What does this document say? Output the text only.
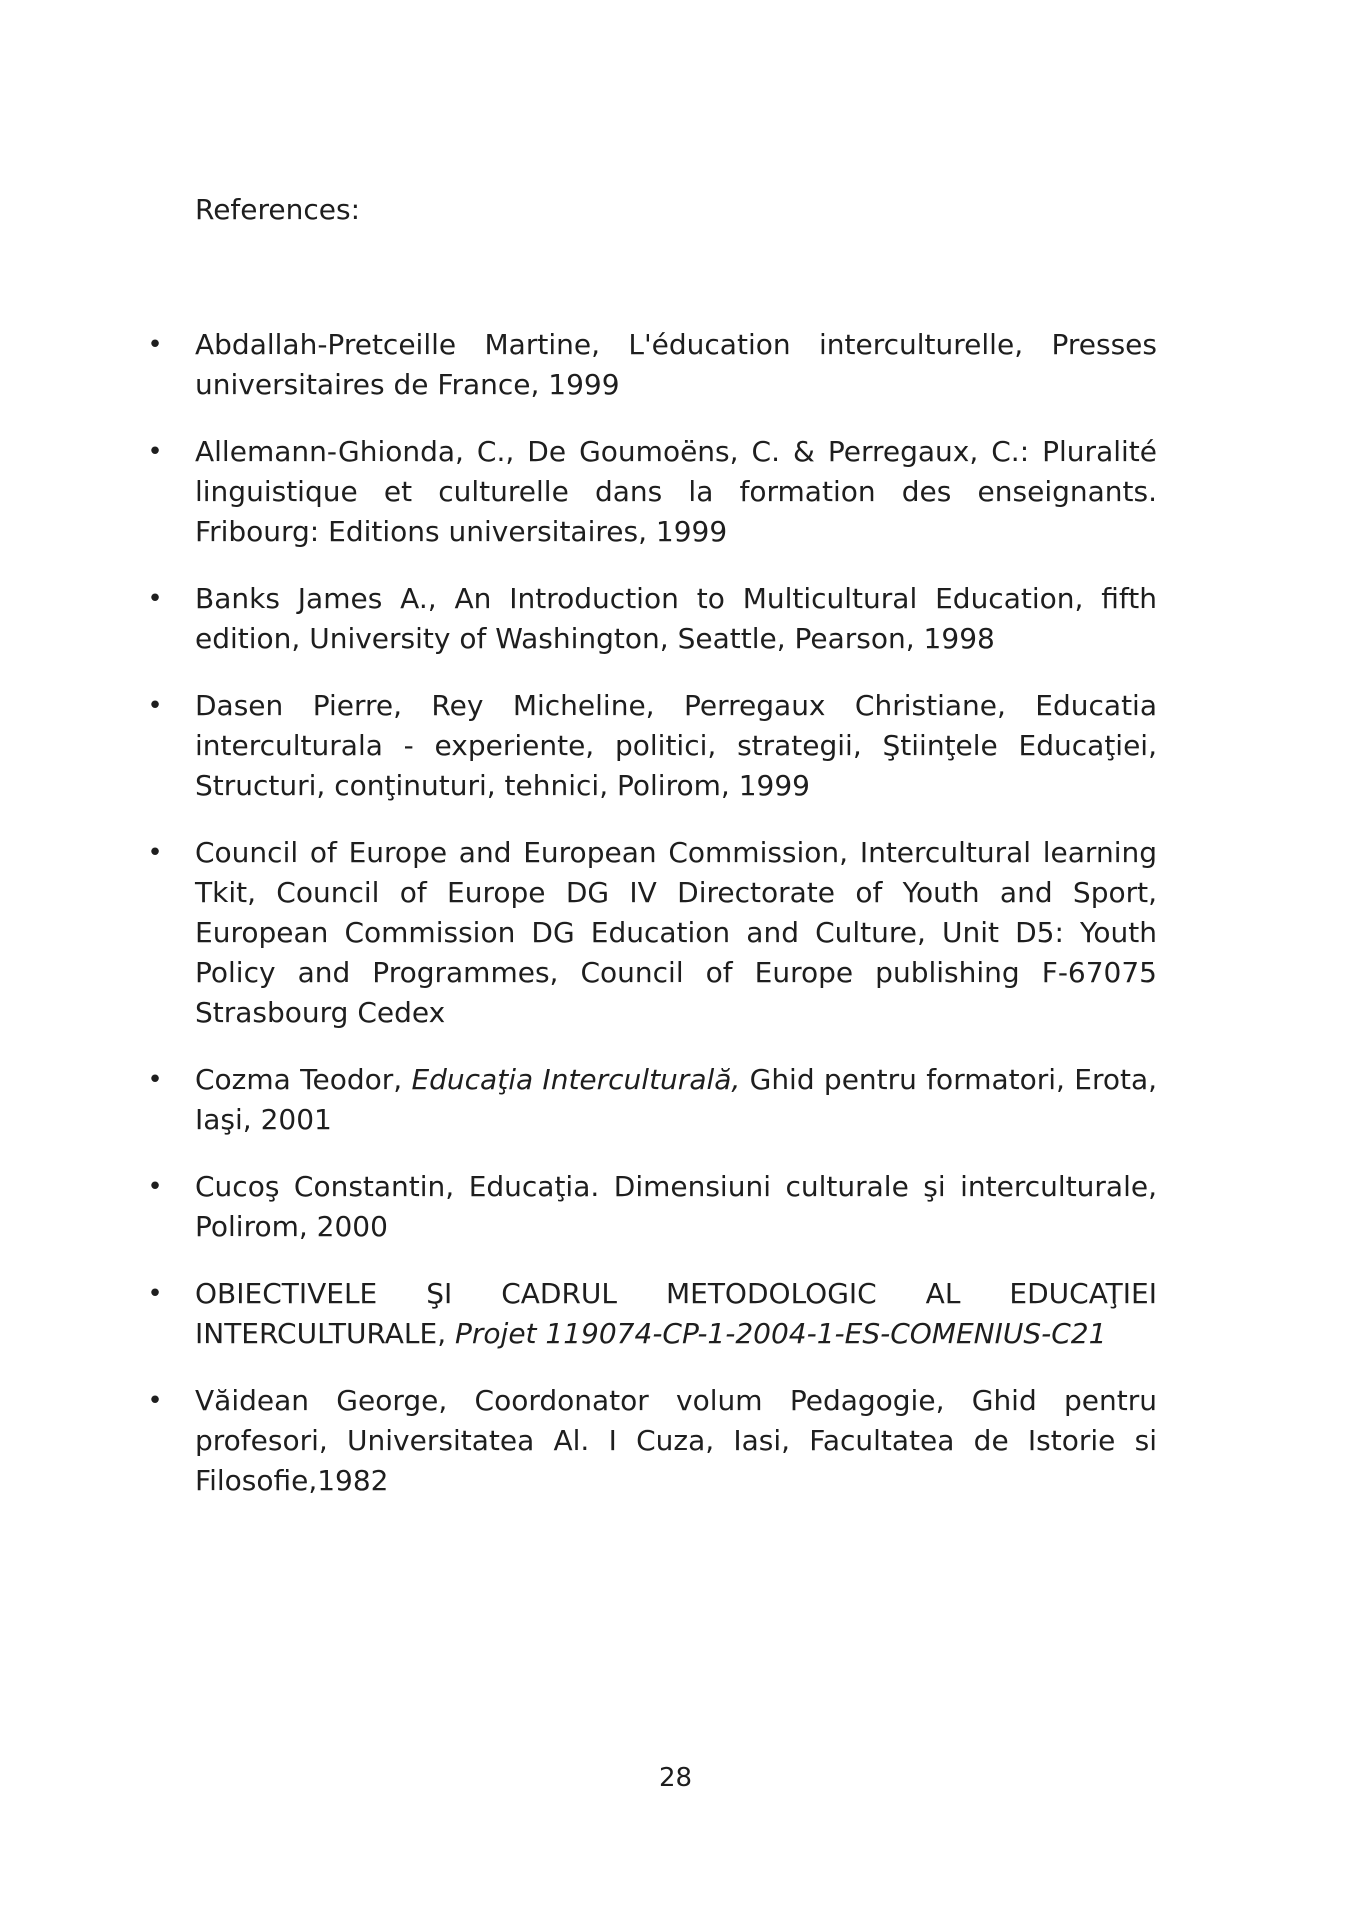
References:
• Abdallah-Pretceille Martine, L'éducation interculturelle, Presses universitaires de France, 1999
• Allemann-Ghionda, C., De Goumoëns, C. & Perregaux, C.: Pluralité linguistique et culturelle dans la formation des enseignants. Fribourg: Editions universitaires, 1999
• Banks James A., An Introduction to Multicultural Education, fifth edition, University of Washington, Seattle, Pearson, 1998
• Dasen Pierre, Rey Micheline, Perregaux Christiane, Educatia interculturala - experiente, politici, strategii, Ştiinţele Educaţiei, Structuri, conţinuturi, tehnici, Polirom, 1999
• Council of Europe and European Commission, Intercultural learning Tkit, Council of Europe DG IV Directorate of Youth and Sport, European Commission DG Education and Culture, Unit D5: Youth Policy and Programmes, Council of Europe publishing F-67075 Strasbourg Cedex
• Cozma Teodor, Educaţia Interculturală, Ghid pentru formatori, Erota, Iaşi, 2001
• Cucoş Constantin, Educaţia. Dimensiuni culturale şi interculturale, Polirom, 2000
• OBIECTIVELE ŞI CADRUL METODOLOGIC AL EDUCAŢIEI INTERCULTURALE, Projet 119074-CP-1-2004-1-ES-COMENIUS-C21
• Văidean George, Coordonator volum Pedagogie, Ghid pentru profesori, Universitatea Al. I Cuza, Iasi, Facultatea de Istorie si Filosofie,1982
28
